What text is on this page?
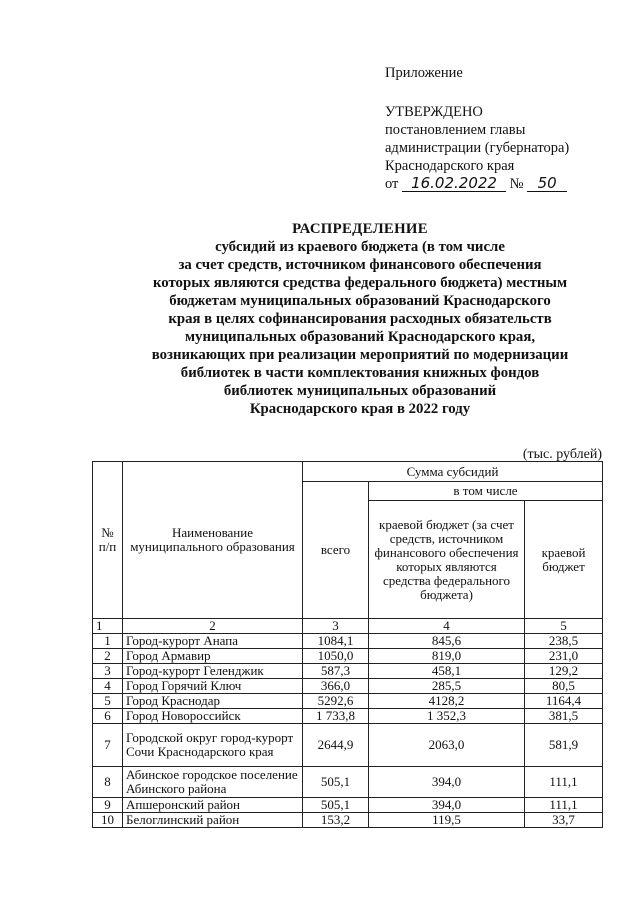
Приложение
УТВЕРЖДЕНО
постановлением главы
администрации (губернатора)
Краснодарского края
от 16.02.2022 № 50
РАСПРЕДЕЛЕНИЕ
субсидий из краевого бюджета (в том числе
за счет средств, источником финансового обеспечения
которых являются средства федерального бюджета) местным
бюджетам муниципальных образований Краснодарского
края в целях софинансирования расходных обязательств
муниципальных образований Краснодарского края,
возникающих при реализации мероприятий по модернизации
библиотек в части комплектования книжных фондов
библиотек муниципальных образований
Краснодарского края в 2022 году
(тыс. рублей)
№ п/п	Наименование муниципального образования	Сумма субсидий		
		всего	в том числе	
			краевой бюджет (за счет средств, источником финансового обеспечения которых являются средства федерального бюджета)	краевой бюджет
1	2	3	4	5
1	Город-курорт Анапа	1084,1	845,6	238,5
2	Город Армавир	1050,0	819,0	231,0
3	Город-курорт Геленджик	587,3	458,1	129,2
4	Город Горячий Ключ	366,0	285,5	80,5
5	Город Краснодар	5292,6	4128,2	1164,4
6	Город Новороссийск	1 733,8	1 352,3	381,5
7	Городской округ город-курорт Сочи Краснодарского края	2644,9	2063,0	581,9
8	Абинское городское поселение Абинского района	505,1	394,0	111,1
9	Апшеронский район	505,1	394,0	111,1
10	Белоглинский район	153,2	119,5	33,7
